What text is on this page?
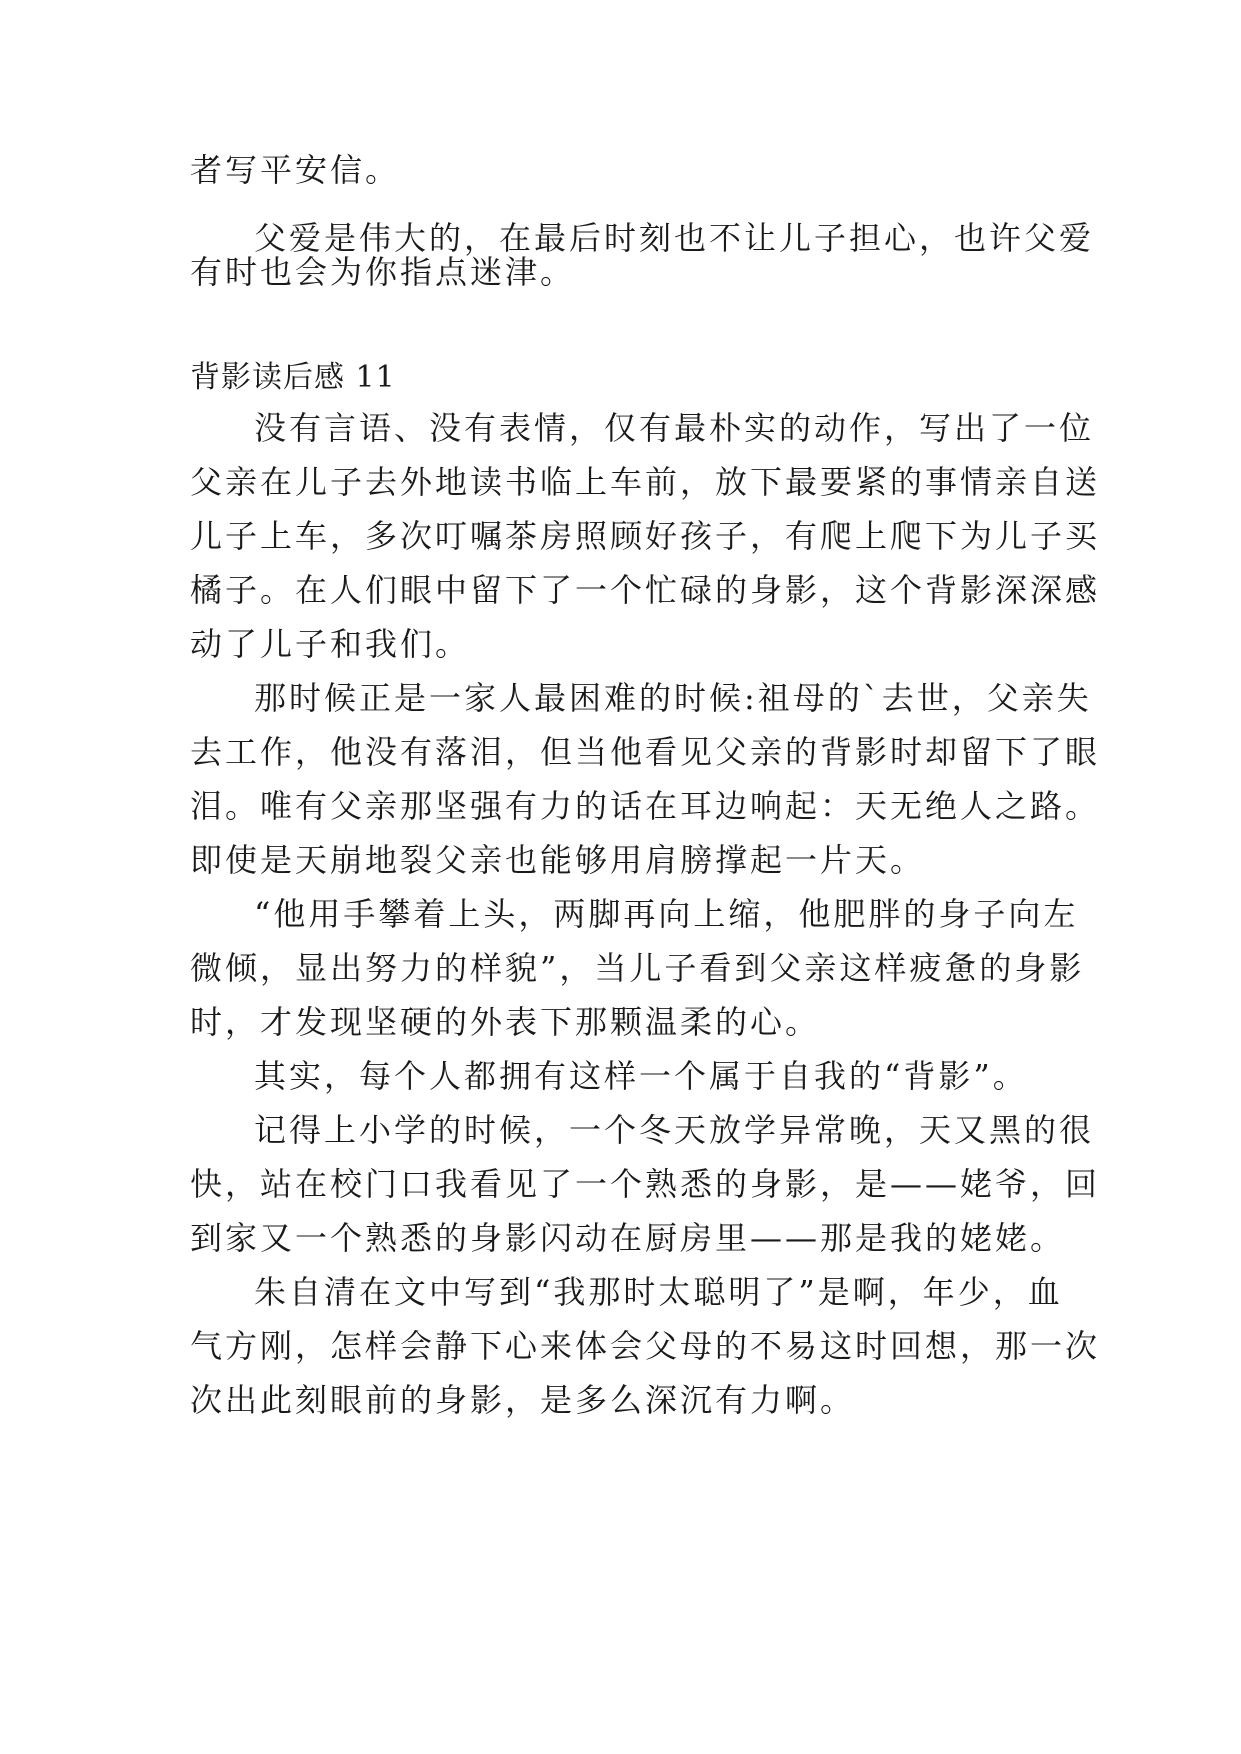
者写平安信。
父爱是伟大的，在最后时刻也不让儿子担心，也许父爱
有时也会为你指点迷津。
背影读后感 11
没有言语、没有表情，仅有最朴实的动作，写出了一位
父亲在儿子去外地读书临上车前，放下最要紧的事情亲自送
儿子上车，多次叮嘱茶房照顾好孩子，有爬上爬下为儿子买
橘子。在人们眼中留下了一个忙碌的身影，这个背影深深感
动了儿子和我们。
那时候正是一家人最困难的时候:祖母的`去世，父亲失
去工作，他没有落泪，但当他看见父亲的背影时却留下了眼
泪。唯有父亲那坚强有力的话在耳边响起：天无绝人之路。
即使是天崩地裂父亲也能够用肩膀撑起一片天。
“他用手攀着上头，两脚再向上缩，他肥胖的身子向左
微倾，显出努力的样貌”，当儿子看到父亲这样疲惫的身影
时，才发现坚硬的外表下那颗温柔的心。
其实，每个人都拥有这样一个属于自我的“背影”。
记得上小学的时候，一个冬天放学异常晚，天又黑的很
快，站在校门口我看见了一个熟悉的身影，是——姥爷，回
到家又一个熟悉的身影闪动在厨房里——那是我的姥姥。
朱自清在文中写到“我那时太聪明了”是啊，年少，血
气方刚，怎样会静下心来体会父母的不易这时回想，那一次
次出此刻眼前的身影，是多么深沉有力啊。
